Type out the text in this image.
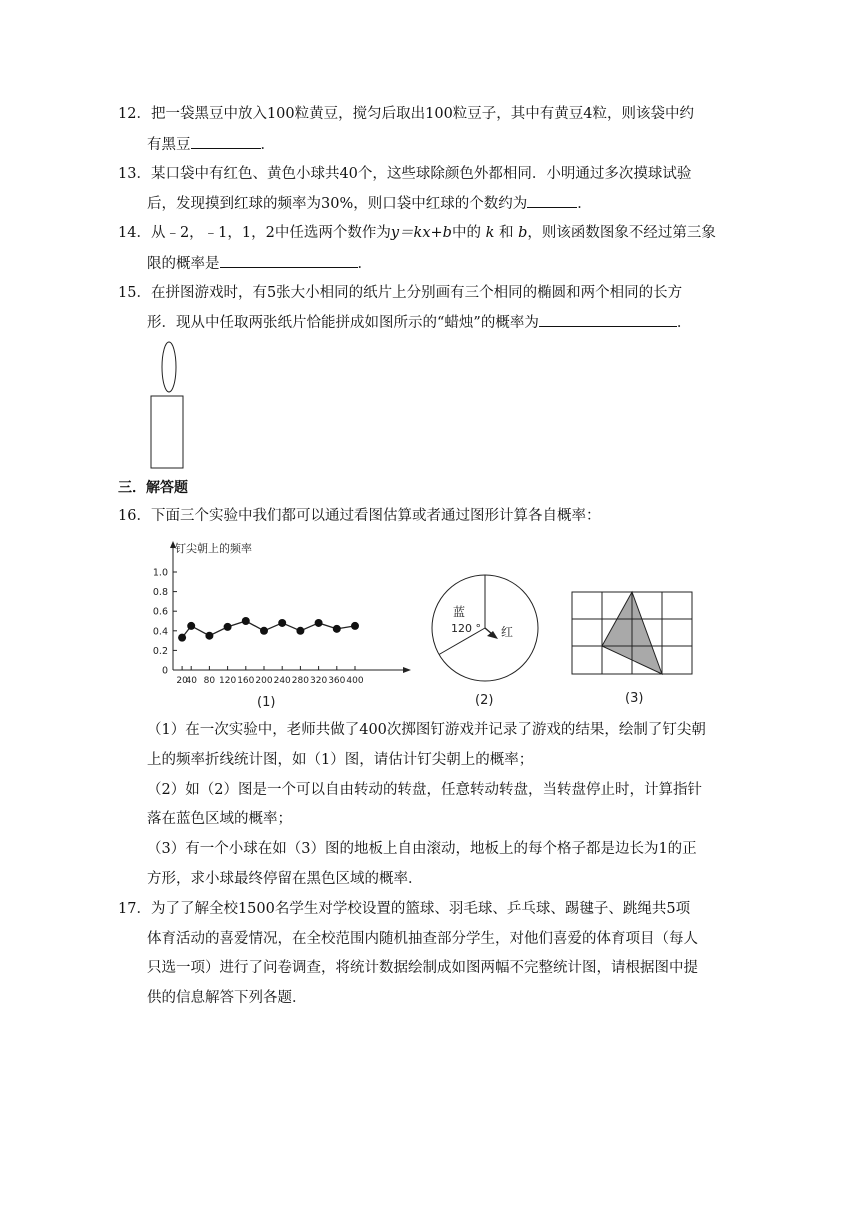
12．把一袋黑豆中放入100粒黄豆，搅匀后取出100粒豆子，其中有黄豆4粒，则该袋中约
有黑豆	．
13．某口袋中有红色、黄色小球共40个，这些球除颜色外都相同．小明通过多次摸球试验
后，发现摸到红球的频率为30%，则口袋中红球的个数约为	．
14．从﹣2，﹣1，1，2中任选两个数作为y＝kx+b中的 k 和 b，则该函数图象不经过第三象
限的概率是	．
15．在拼图游戏时，有5张大小相同的纸片上分别画有三个相同的椭圆和两个相同的长方
形．现从中任取两张纸片恰能拼成如图所示的“蜡烛”的概率为	．
三．解答题
16．下面三个实验中我们都可以通过看图估算或者通过图形计算各自概率：
1.0
0.8
0.6
0.4
0.2
0
20
40 80 120 160 200 240 280 320 360 400
钉尖朝上的频率
(1)
蓝
120 ° 红
(2)	(3)
（1）在一次实验中，老师共做了400次掷图钉游戏并记录了游戏的结果，绘制了钉尖朝
上的频率折线统计图，如（1）图，请估计钉尖朝上的概率；
（2）如（2）图是一个可以自由转动的转盘，任意转动转盘，当转盘停止时，计算指针
落在蓝色区域的概率；
（3）有一个小球在如（3）图的地板上自由滚动，地板上的每个格子都是边长为1的正
方形，求小球最终停留在黑色区域的概率．
17．为了了解全校1500名学生对学校设置的篮球、羽毛球、乒乓球、踢毽子、跳绳共5项
体育活动的喜爱情况，在全校范围内随机抽查部分学生，对他们喜爱的体育项目（每人
只选一项）进行了问卷调查，将统计数据绘制成如图两幅不完整统计图，请根据图中提
供的信息解答下列各题．
